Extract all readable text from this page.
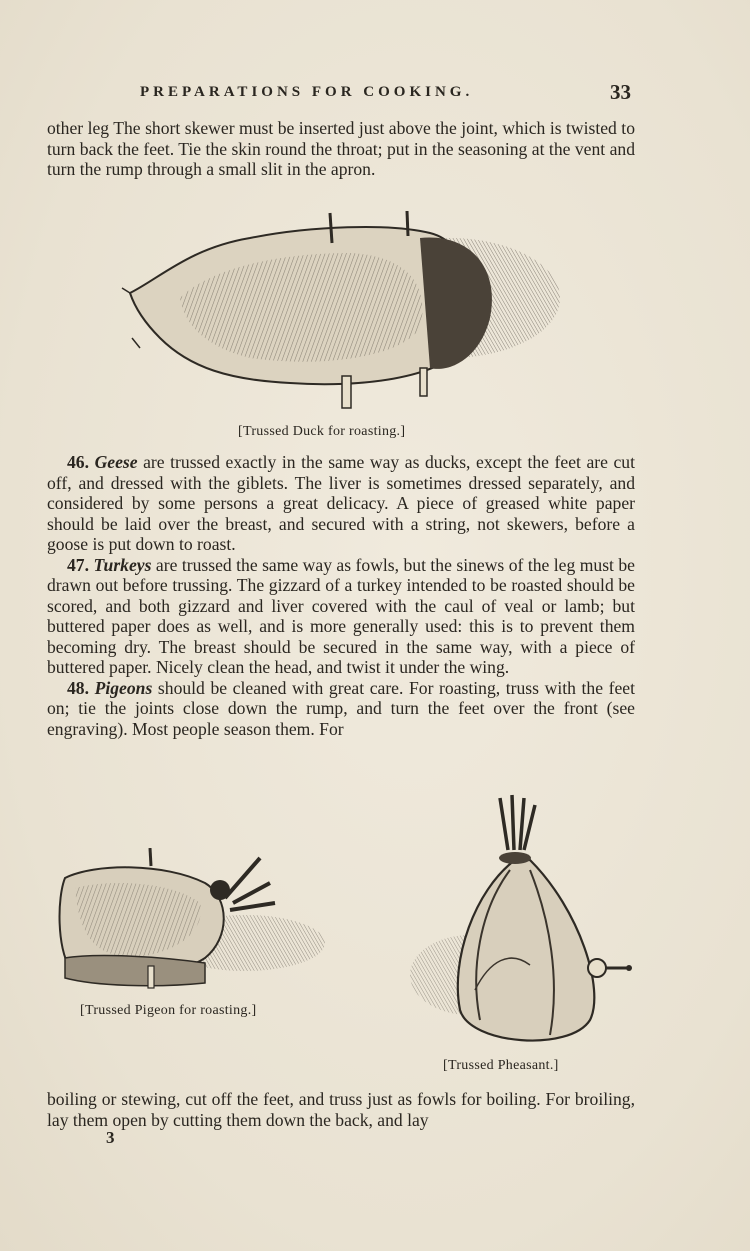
PREPARATIONS FOR COOKING.	33

other leg The short skewer must be inserted just above the joint, which is twisted to turn back the feet. Tie the skin round the throat; put in the seasoning at the vent and turn the rump through a small slit in the apron.

[Trussed Duck for roasting.]

46. Geese are trussed exactly in the same way as ducks, except the feet are cut off, and dressed with the giblets. The liver is sometimes dressed separately, and considered by some persons a great delicacy. A piece of greased white paper should be laid over the breast, and secured with a string, not skewers, before a goose is put down to roast.

47. Turkeys are trussed the same way as fowls, but the sinews of the leg must be drawn out before trussing. The gizzard of a turkey intended to be roasted should be scored, and both gizzard and liver covered with the caul of veal or lamb; but buttered paper does as well, and is more generally used: this is to prevent them becoming dry. The breast should be secured in the same way, with a piece of buttered paper. Nicely clean the head, and twist it under the wing.

48. Pigeons should be cleaned with great care. For roasting, truss with the feet on; tie the joints close down the rump, and turn the feet over the front (see engraving). Most people season them. For

[Trussed Pigeon for roasting.]
[Trussed Pheasant.]

boiling or stewing, cut off the feet, and truss just as fowls for boiling. For broiling, lay them open by cutting them down the back, and lay

3
